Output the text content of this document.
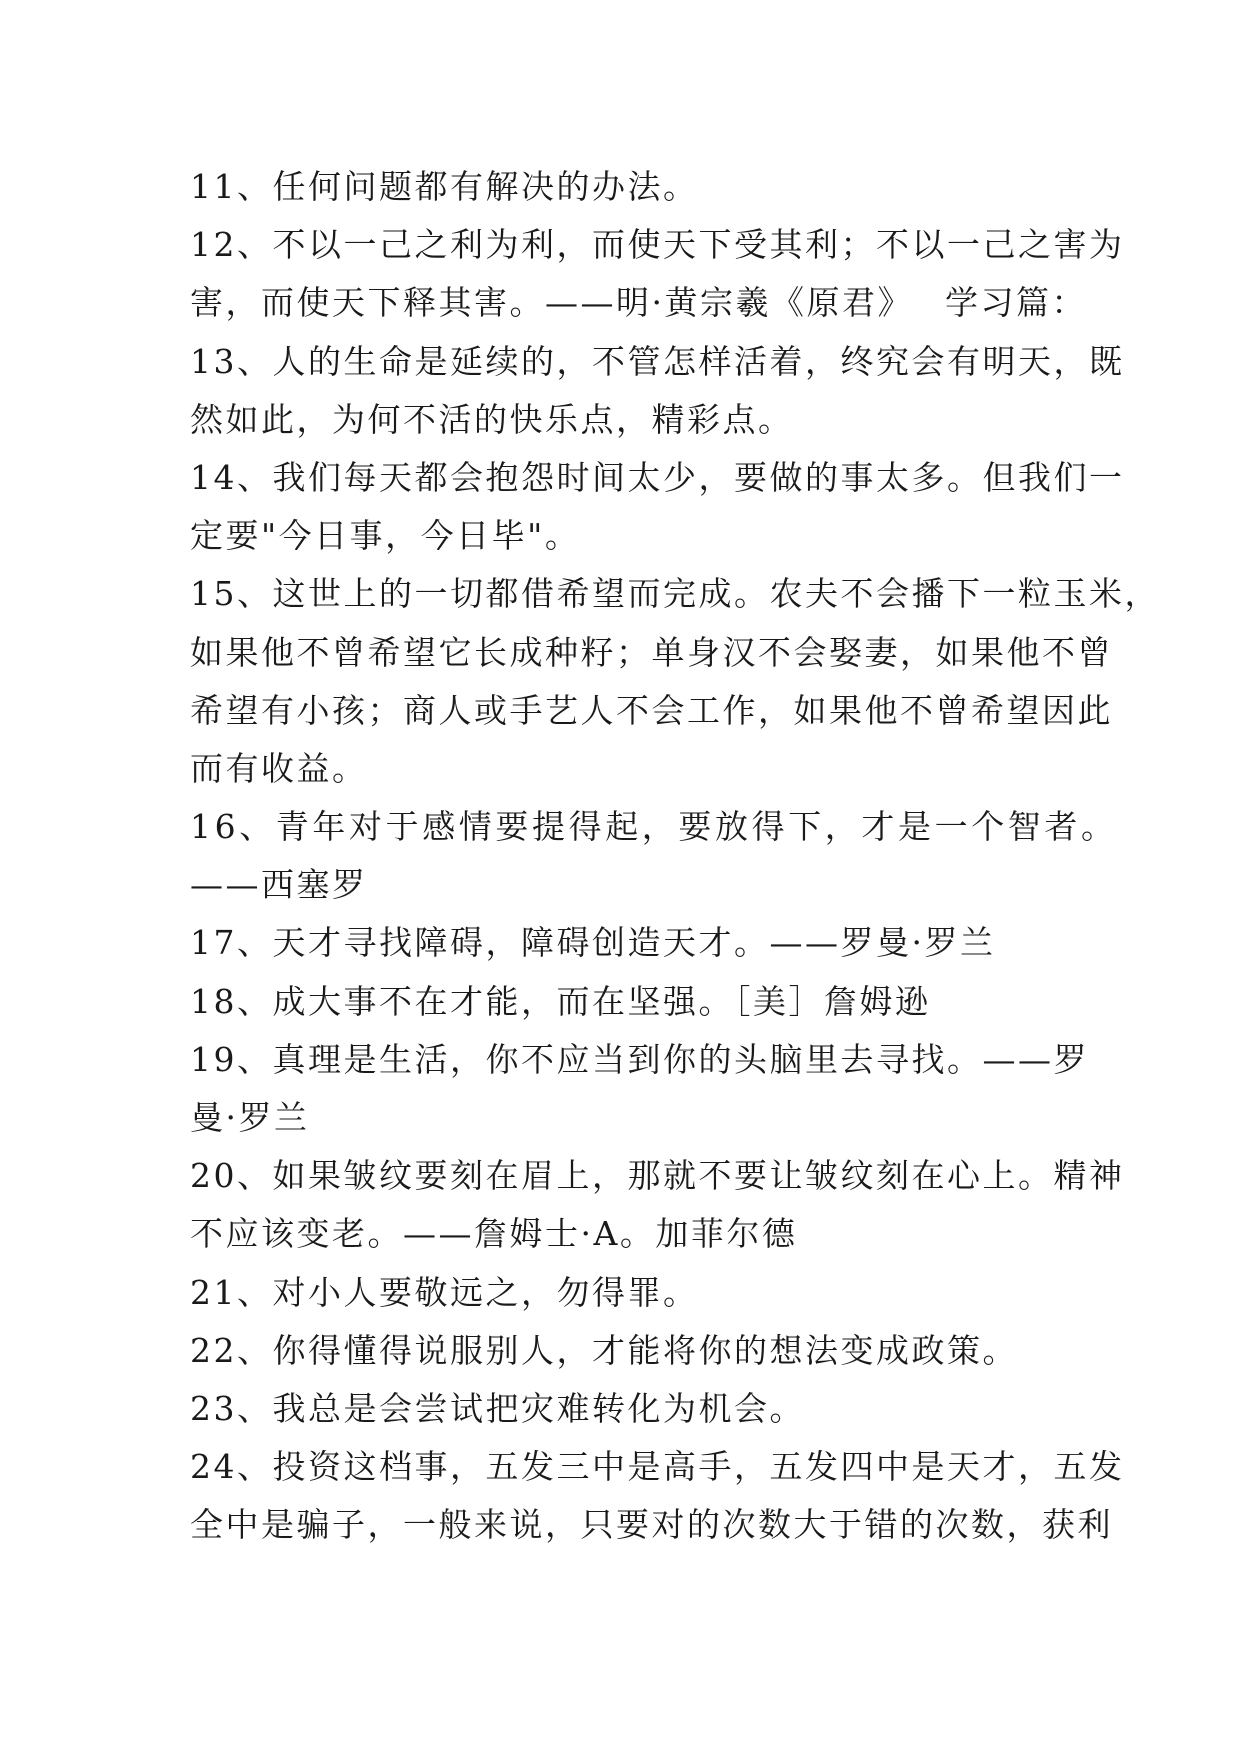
11、任何问题都有解决的办法。
12、不以一己之利为利，而使天下受其利；不以一己之害为
害，而使天下释其害。——明·黄宗羲《原君》　 学习篇：
13、人的生命是延续的，不管怎样活着，终究会有明天，既
然如此，为何不活的快乐点，精彩点。
14、我们每天都会抱怨时间太少，要做的事太多。但我们一
定要"今日事，今日毕"。
15、这世上的一切都借希望而完成。农夫不会播下一粒玉米，
如果他不曾希望它长成种籽；单身汉不会娶妻，如果他不曾
希望有小孩；商人或手艺人不会工作，如果他不曾希望因此
而有收益。
16、青年对于感情要提得起，要放得下，才是一个智者。
——西塞罗
17、天才寻找障碍，障碍创造天才。——罗曼·罗兰
18、成大事不在才能，而在坚强。［美］詹姆逊
19、真理是生活，你不应当到你的头脑里去寻找。——罗
曼·罗兰
20、如果皱纹要刻在眉上，那就不要让皱纹刻在心上。精神
不应该变老。——詹姆士·A。加菲尔德
21、对小人要敬远之，勿得罪。
22、你得懂得说服别人，才能将你的想法变成政策。
23、我总是会尝试把灾难转化为机会。
24、投资这档事，五发三中是高手，五发四中是天才，五发
全中是骗子，一般来说，只要对的次数大于错的次数，获利
